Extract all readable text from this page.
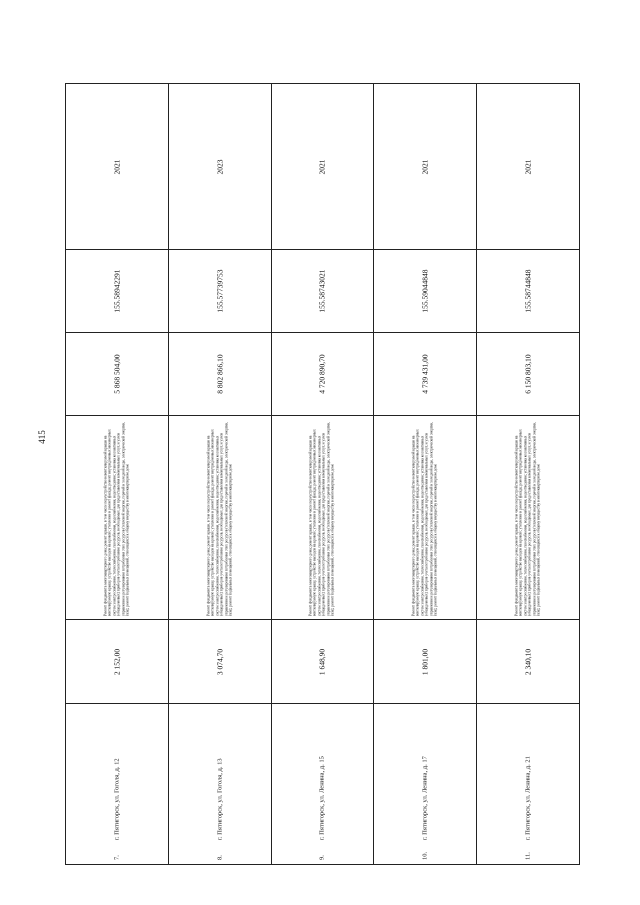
415
2021
155.58942291
5 868 504,00
Ремонт фундамента многоквартирного дома; ремонт крыши, в том числе переустройство невентилируемой крыши на вентилируемую крышу, устройство выходов на кровлю; утепление и ремонт фасада; ремонт внутридомовых инженерных систем электроснабжения, теплоснабжения, газоснабжения, водоснабжения, водоотведения; установка коллективных (общедомовых) приборов учета потребления ресурсов, необходимых для предоставления коммунальных услуг, и узлов управления и регулирования потребления этих ресурсов (тепловой энергии, горячей и холодной воды, электрической энергии, газа); ремонт подвальных помещений, относящихся к общему имуществу в многоквартирном доме
2 152,00
7.
г. Пятигорск, ул. Гоголя, д. 12
2023
155.57739753
8 802 866,10
Ремонт фундамента многоквартирного дома; ремонт крыши, в том числе переустройство невентилируемой крыши на вентилируемую крышу, устройство выходов на кровлю; утепление и ремонт фасада; ремонт внутридомовых инженерных систем электроснабжения, теплоснабжения, газоснабжения, водоснабжения, водоотведения; установка коллективных (общедомовых) приборов учета потребления ресурсов, необходимых для предоставления коммунальных услуг, и узлов управления и регулирования потребления этих ресурсов (тепловой энергии, горячей и холодной воды, электрической энергии, газа); ремонт подвальных помещений, относящихся к общему имуществу в многоквартирном доме
3 074,70
8.
г. Пятигорск, ул. Гоголя, д. 13
2021
155.58743021
4 720 890,70
Ремонт фундамента многоквартирного дома; ремонт крыши, в том числе переустройство невентилируемой крыши на вентилируемую крышу, устройство выходов на кровлю; утепление и ремонт фасада; ремонт внутридомовых инженерных систем электроснабжения, теплоснабжения, газоснабжения, водоснабжения, водоотведения; установка коллективных (общедомовых) приборов учета потребления ресурсов, необходимых для предоставления коммунальных услуг, и узлов управления и регулирования потребления этих ресурсов (тепловой энергии, горячей и холодной воды, электрической энергии, газа); ремонт подвальных помещений, относящихся к общему имуществу в многоквартирном доме
1 648,90
9.
г. Пятигорск, ул. Ленина, д. 15
2021
155.59044848
4 739 431,00
Ремонт фундамента многоквартирного дома; ремонт крыши, в том числе переустройство невентилируемой крыши на вентилируемую крышу, устройство выходов на кровлю; утепление и ремонт фасада; ремонт внутридомовых инженерных систем электроснабжения, теплоснабжения, газоснабжения, водоснабжения, водоотведения; установка коллективных (общедомовых) приборов учета потребления ресурсов, необходимых для предоставления коммунальных услуг, и узлов управления и регулирования потребления этих ресурсов (тепловой энергии, горячей и холодной воды, электрической энергии, газа); ремонт подвальных помещений, относящихся к общему имуществу в многоквартирном доме
1 801,00
10.
г. Пятигорск, ул. Ленина, д. 17
2021
155.58744848
6 150 803,10
Ремонт фундамента многоквартирного дома; ремонт крыши, в том числе переустройство невентилируемой крыши на вентилируемую крышу, устройство выходов на кровлю; утепление и ремонт фасада; ремонт внутридомовых инженерных систем электроснабжения, теплоснабжения, газоснабжения, водоснабжения, водоотведения; установка коллективных (общедомовых) приборов учета потребления ресурсов, необходимых для предоставления коммунальных услуг, и узлов управления и регулирования потребления этих ресурсов (тепловой энергии, горячей и холодной воды, электрической энергии, газа); ремонт подвальных помещений, относящихся к общему имуществу в многоквартирном доме
2 340,10
11.
г. Пятигорск, ул. Ленина, д. 21
